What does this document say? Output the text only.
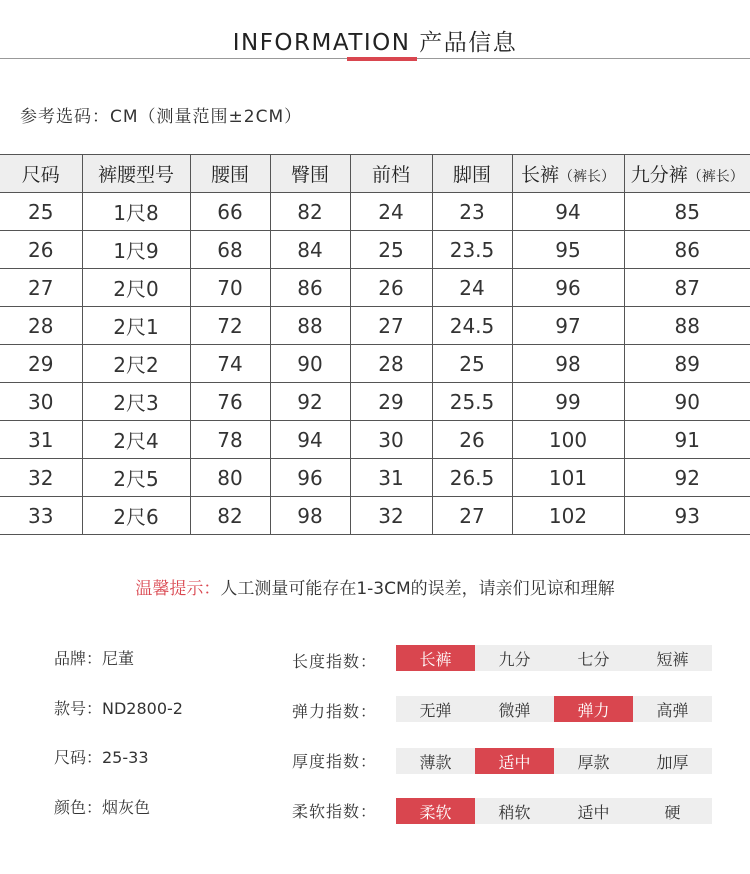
INFORMATION 产品信息
参考选码：CM（测量范围±2CM）
尺码	裤腰型号	腰围	臀围	前档	脚围	长裤（裤长）	九分裤（裤长）
25	1尺8	66	82	24	23	94	85
26	1尺9	68	84	25	23.5	95	86
27	2尺0	70	86	26	24	96	87
28	2尺1	72	88	27	24.5	97	88
29	2尺2	74	90	28	25	98	89
30	2尺3	76	92	29	25.5	99	90
31	2尺4	78	94	30	26	100	91
32	2尺5	80	96	31	26.5	101	92
33	2尺6	82	98	32	27	102	93
温馨提示：人工测量可能存在1-3CM的误差，请亲们见谅和理解
品牌：尼董
款号：ND2800-2
尺码：25-33
颜色：烟灰色
长度指数：	长裤	九分	七分	短裤
弹力指数：	无弹	微弹	弹力	高弹
厚度指数：	薄款	适中	厚款	加厚
柔软指数：	柔软	稍软	适中	硬
